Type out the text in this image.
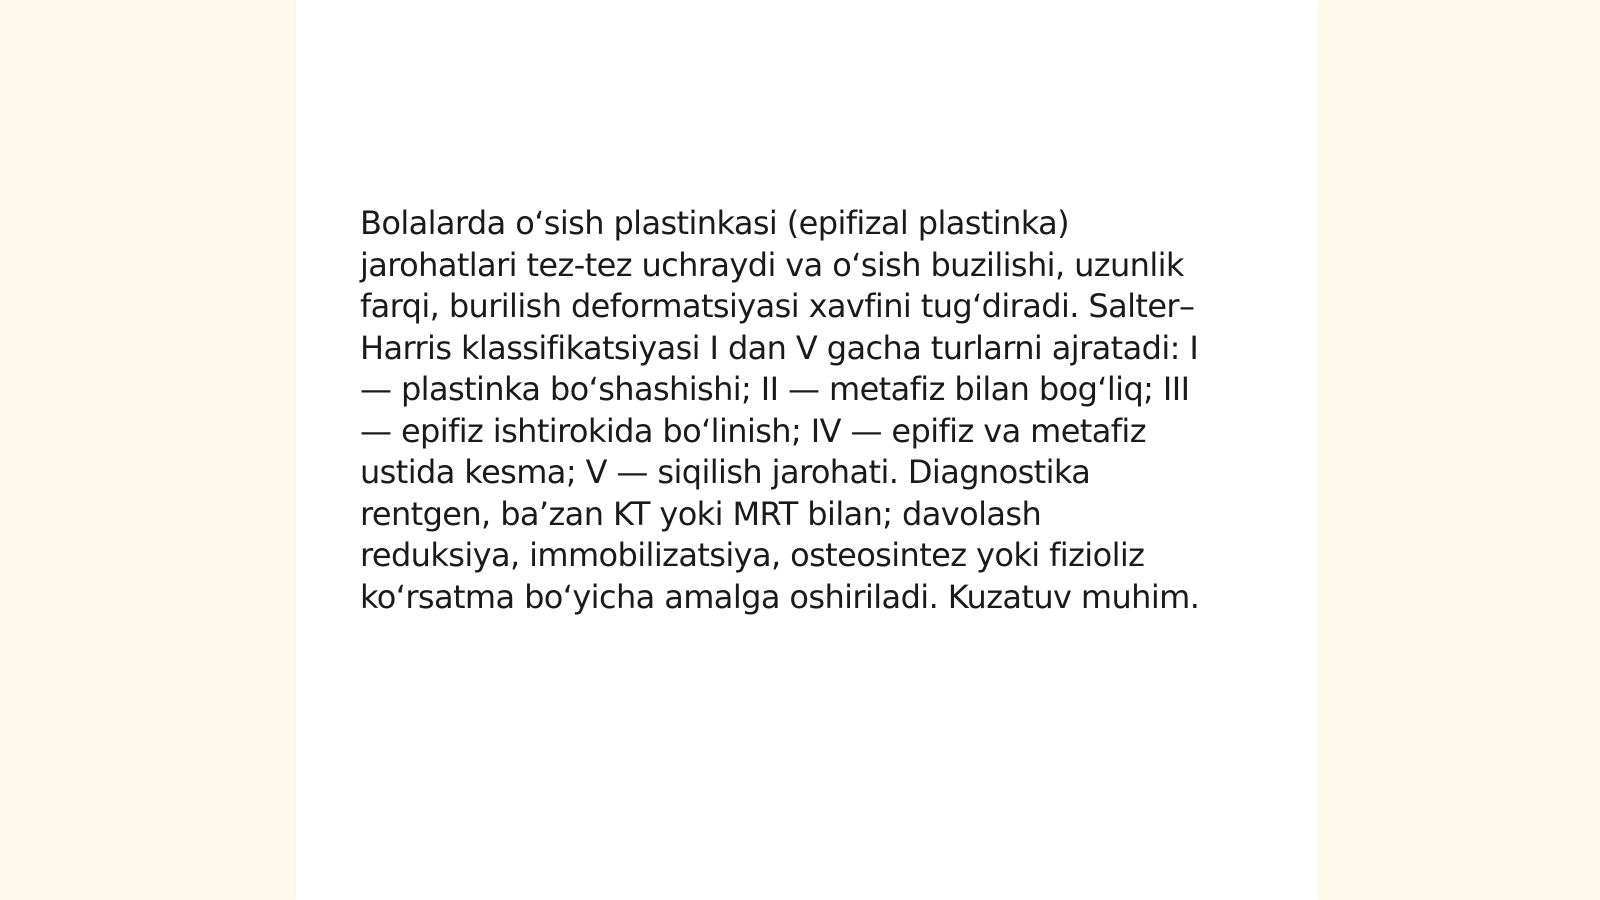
Bolalarda o‘sish plastinkasi (epifizal plastinka)
jarohatlari tez-tez uchraydi va o‘sish buzilishi, uzunlik
farqi, burilish deformatsiyasi xavfini tug‘diradi. Salter–
Harris klassifikatsiyasi I dan V gacha turlarni ajratadi: I
— plastinka bo‘shashishi; II — metafiz bilan bog‘liq; III
— epifiz ishtirokida bo‘linish; IV — epifiz va metafiz
ustida kesma; V — siqilish jarohati. Diagnostika
rentgen, ba’zan KT yoki MRT bilan; davolash
reduksiya, immobilizatsiya, osteosintez yoki fizioliz
ko‘rsatma bo‘yicha amalga oshiriladi. Kuzatuv muhim.
